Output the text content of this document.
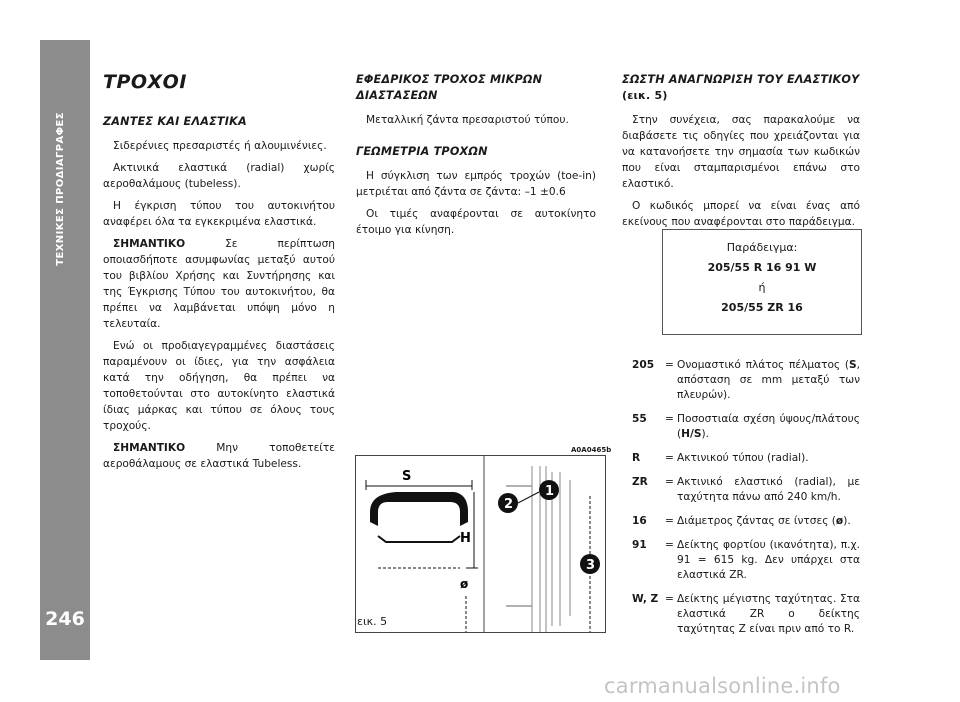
ΤΕΧΝΙΚΕΣ ΠΡΟΔΙΑΓΡΑΦΕΣ
246
ΤΡΟΧΟΙ
ΖΑΝΤΕΣ ΚΑΙ ΕΛΑΣΤΙΚΑ

Σιδερένιες πρεσαριστές ή αλουμινένιες.

Ακτινικά ελαστικά (radial) χωρίς αεροθαλάμους (tubeless).

Η έγκριση τύπου του αυτοκινήτου αναφέρει όλα τα εγκεκριμένα ελαστικά.

ΣΗΜΑΝΤΙΚΟ Σε περίπτωση οποιασδήποτε ασυμφωνίας μεταξύ αυτού του βιβλίου Χρήσης και Συντήρησης και της Έγκρισης Τύπου του αυτοκινήτου, θα πρέπει να λαμβάνεται υπόψη μόνο η τελευταία.

Ενώ οι προδιαγεγραμμένες διαστάσεις παραμένουν οι ίδιες, για την ασφάλεια κατά την οδήγηση, θα πρέπει να τοποθετούνται στο αυτοκίνητο ελαστικά ίδιας μάρκας και τύπου σε όλους τους τροχούς.

ΣΗΜΑΝΤΙΚΟ Μην τοποθετείτε αεροθάλαμους σε ελαστικά Tubeless.

ΕΦΕΔΡΙΚΟΣ ΤΡΟΧΟΣ ΜΙΚΡΩΝ ΔΙΑΣΤΑΣΕΩΝ

Μεταλλική ζάντα πρεσαριστού τύπου.

ΓΕΩΜΕΤΡΙΑ ΤΡΟΧΩΝ

Η σύγκλιση των εμπρός τροχών (toe-in) μετριέται από ζάντα σε ζάντα: –1 ±0.6

Οι τιμές αναφέρονται σε αυτοκίνητο έτοιμο για κίνηση.

A0A0465b
S
H
ø
1
2
3
εικ. 5
ΣΩΣΤΗ ΑΝΑΓΝΩΡΙΣΗ ΤΟΥ ΕΛΑΣΤΙΚΟΥ (εικ. 5)

Στην συνέχεια, σας παρακαλούμε να διαβάσετε τις οδηγίες που χρειάζονται για να κατανοήσετε την σημασία των κωδικών που είναι σταμπαρισμένοι επάνω στο ελαστικό.

Ο κωδικός μπορεί να είναι ένας από εκείνους που αναφέρονται στο παράδειγμα.

Παράδειγμα:
205/55 R 16 91 W
ή
205/55 ZR 16
205	= Ονομαστικό πλάτος πέλματος (S, απόσταση σε mm μεταξύ των πλευρών).
55	= Ποσοστιαία σχέση ύψους/πλάτους (H/S).
R	= Ακτινικού τύπου (radial).
ZR	= Ακτινικό ελαστικό (radial), με ταχύτητα πάνω από 240 km/h.
16	= Διάμετρος ζάντας σε ίντσες (ø).
91	= Δείκτης φορτίου (ικανότητα), π.χ. 91 = 615 kg. Δεν υπάρχει στα ελαστικά ZR.
W, Z = Δείκτης μέγιστης ταχύτητας. Στα ελαστικά ZR ο δείκτης ταχύτητας Z είναι πριν από το R.
carmanualsonline.info
